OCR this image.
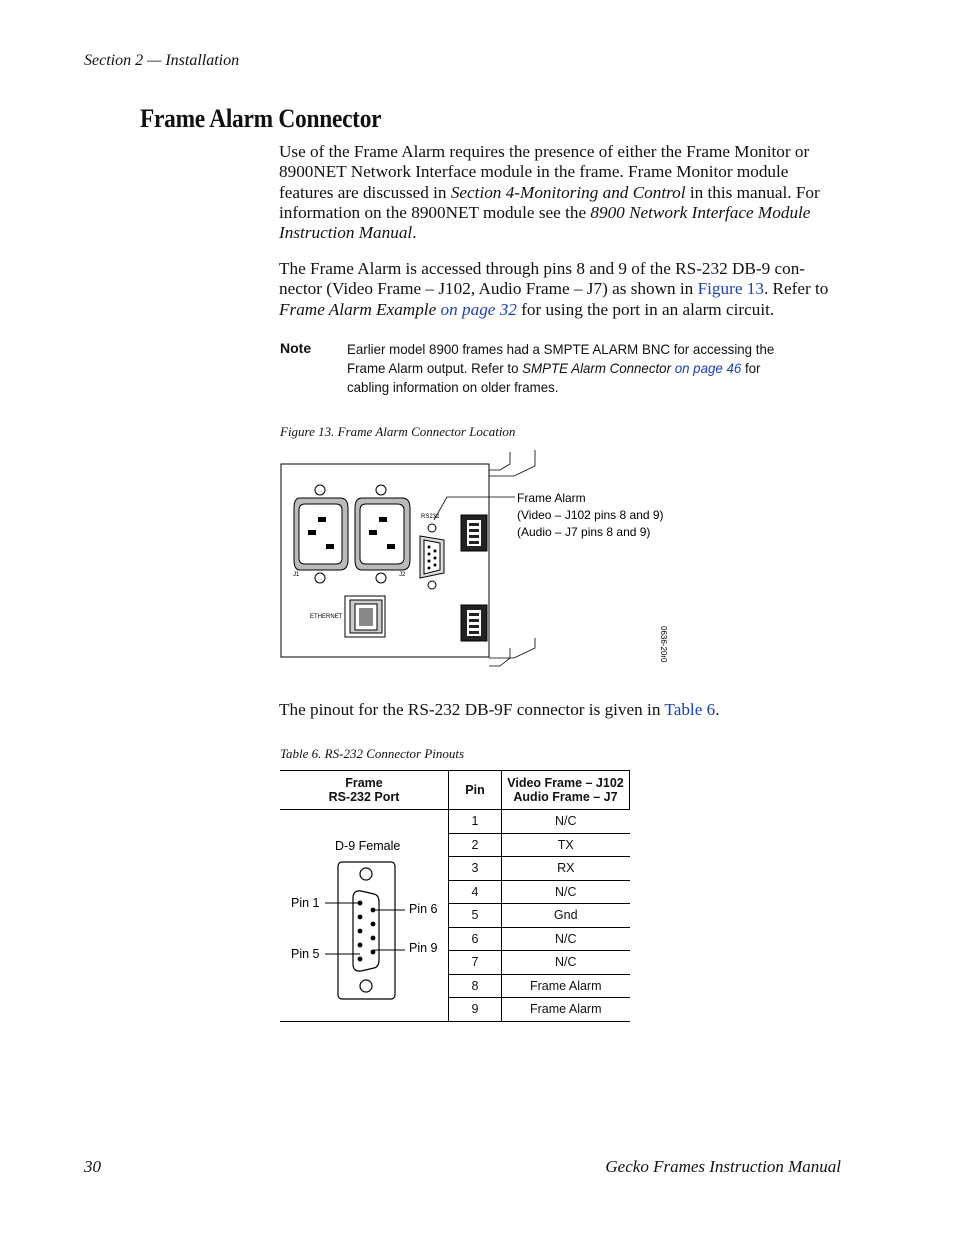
Section 2 — Installation
Frame Alarm Connector
Use of the Frame Alarm requires the presence of either the Frame Monitor or 8900NET Network Interface module in the frame. Frame Monitor module features are discussed in Section 4-Monitoring and Control in this manual. For information on the 8900NET module see the 8900 Network Interface Module Instruction Manual.
The Frame Alarm is accessed through pins 8 and 9 of the RS-232 DB-9 con-nector (Video Frame – J102, Audio Frame – J7) as shown in Figure 13. Refer to Frame Alarm Example on page 32 for using the port in an alarm circuit.
Note	Earlier model 8900 frames had a SMPTE ALARM BNC for accessing the Frame Alarm output. Refer to SMPTE Alarm Connector on page 46 for cabling information on older frames.
Figure 13. Frame Alarm Connector Location
J1	J2
RS232
ETHERNET
Frame Alarm
(Video – J102 pins 8 and 9)
(Audio – J7 pins 8 and 9)
0636-20r0
The pinout for the RS-232 DB-9F connector is given in Table 6.
Table 6. RS-232 Connector Pinouts
Frame
RS-232 Port	Pin	Video Frame – J102
Audio Frame – J7

D-9 Female
Pin 1
Pin 5
Pin 6
Pin 9	1	N/C
	2	TX
	3	RX
	4	N/C
	5	Gnd
	6	N/C
	7	N/C
	8	Frame Alarm
	9	Frame Alarm
30	Gecko Frames Instruction Manual
